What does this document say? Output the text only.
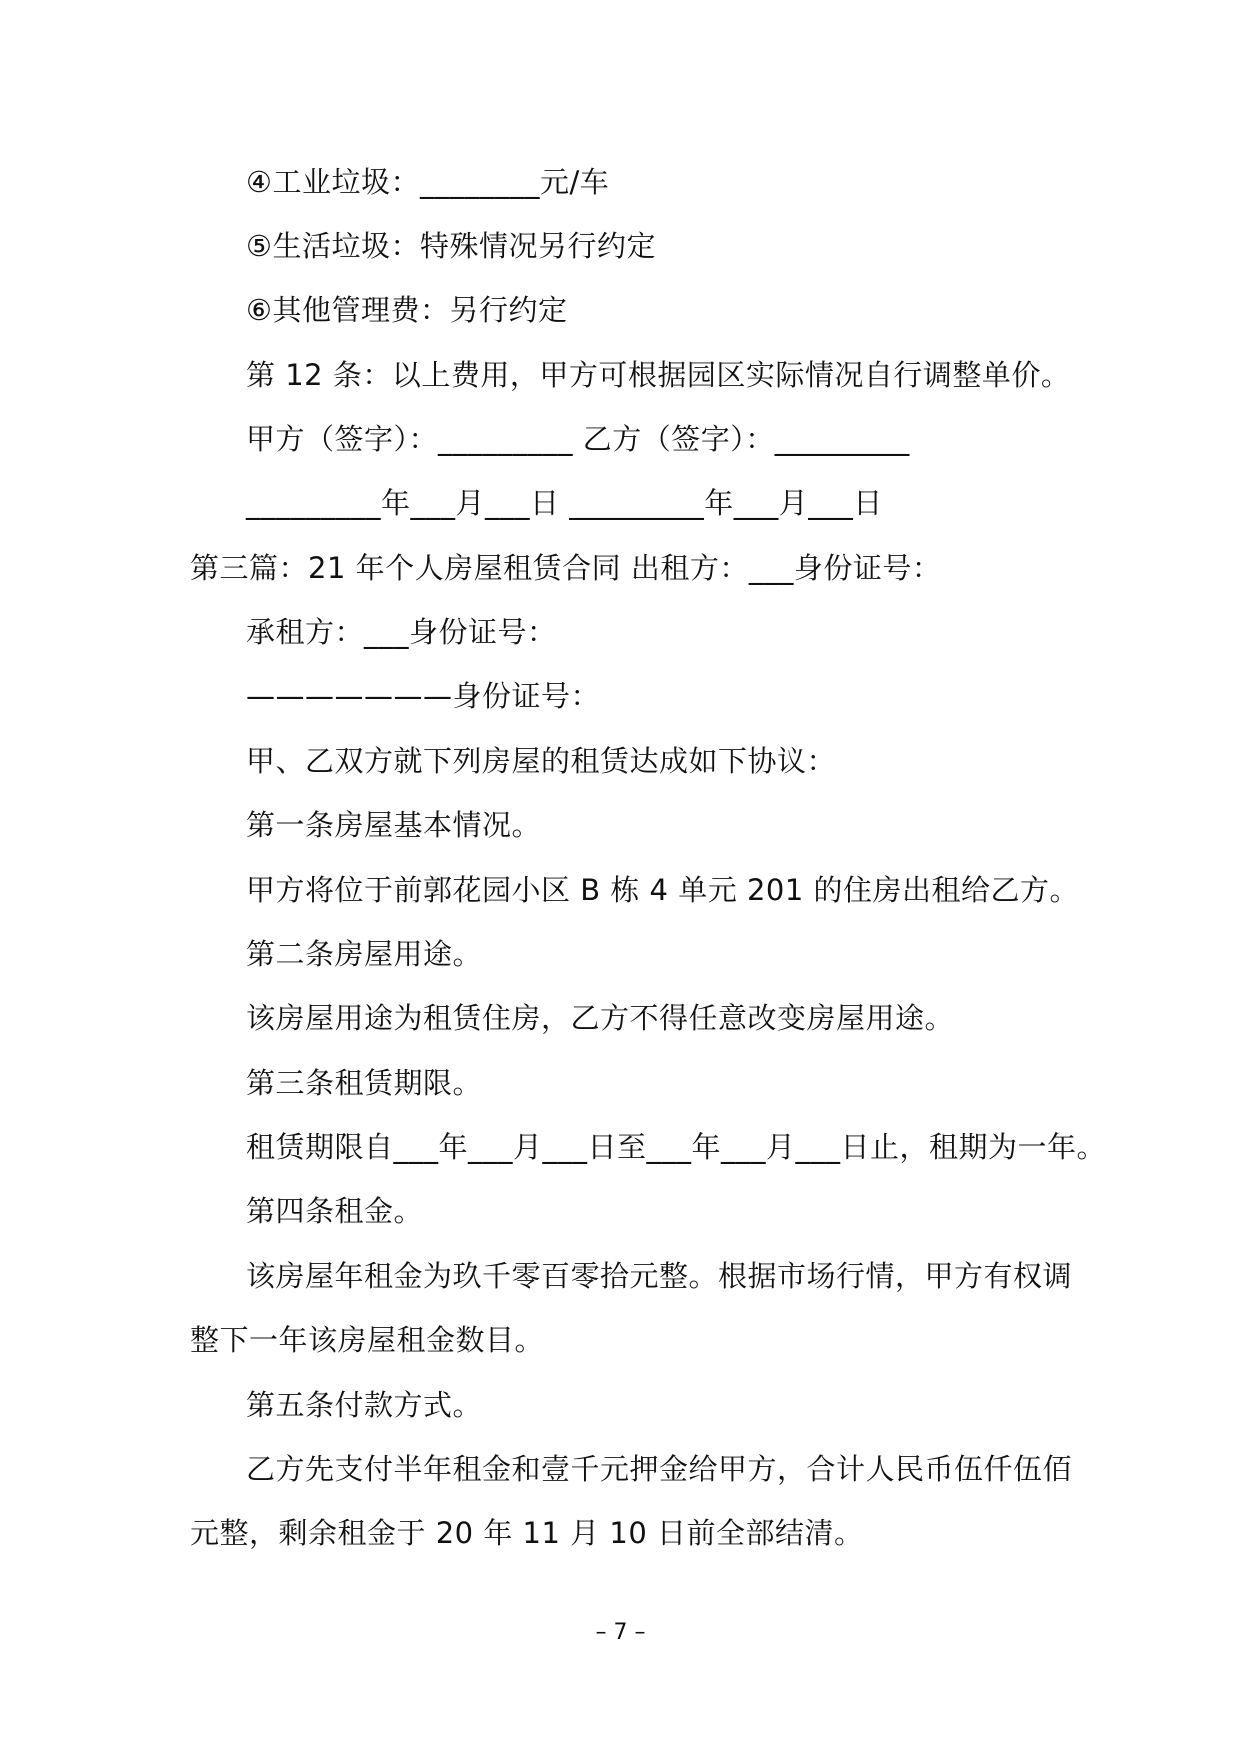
④工业垃圾：________元/车
⑤生活垃圾：特殊情况另行约定
⑥其他管理费：另行约定
第 12 条：以上费用，甲方可根据园区实际情况自行调整单价。
甲方（签字）：_________ 乙方（签字）：_________
_________年___月___日 _________年___月___日
第三篇：21 年个人房屋租赁合同 出租方：___身份证号：
承租方：___身份证号：
———————身份证号：
甲、乙双方就下列房屋的租赁达成如下协议：
第一条房屋基本情况。
甲方将位于前郭花园小区 B 栋 4 单元 201 的住房出租给乙方。
第二条房屋用途。
该房屋用途为租赁住房，乙方不得任意改变房屋用途。
第三条租赁期限。
租赁期限自___年___月___日至___年___月___日止，租期为一年。
第四条租金。
该房屋年租金为玖千零百零拾元整。根据市场行情，甲方有权调
整下一年该房屋租金数目。
第五条付款方式。
乙方先支付半年租金和壹千元押金给甲方，合计人民币伍仟伍佰
元整，剩余租金于 20 年 11 月 10 日前全部结清。
– 7 –
